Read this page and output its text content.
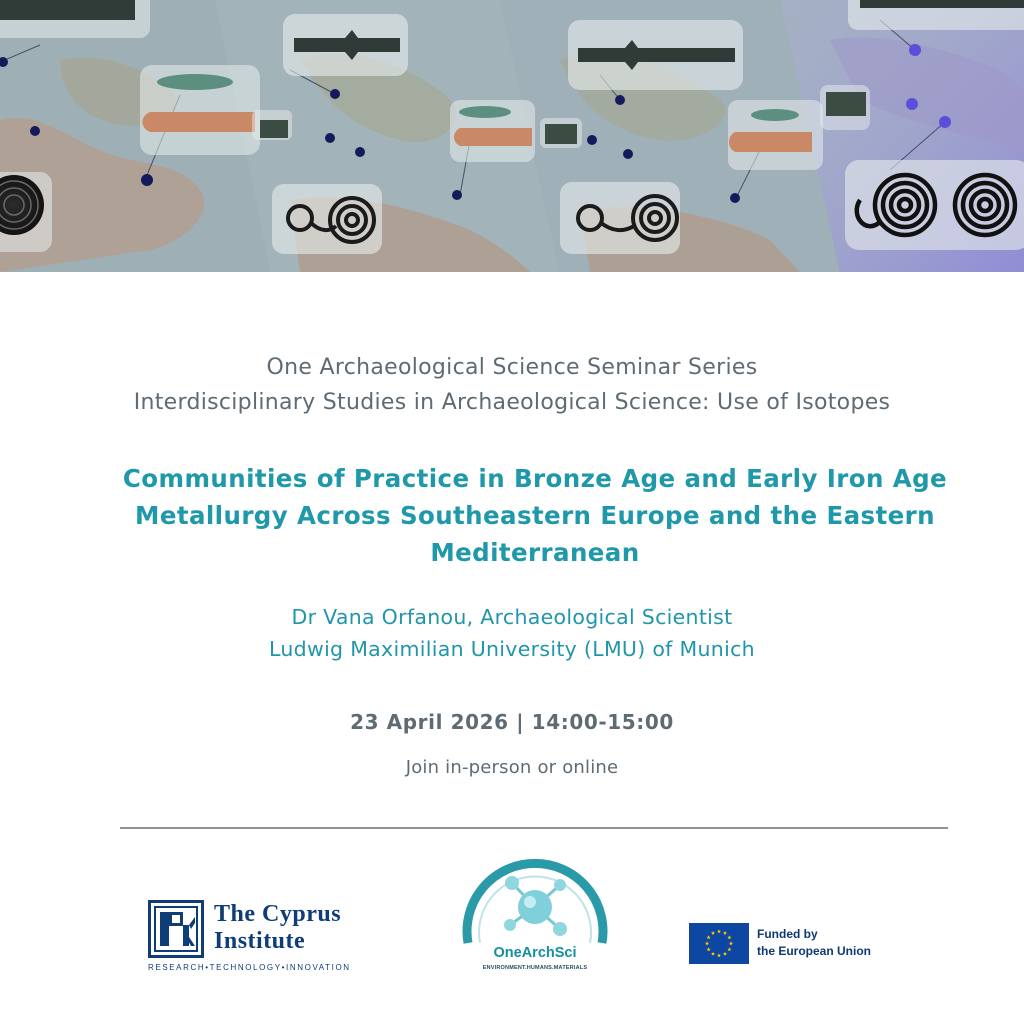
One Archaeological Science Seminar Series
Interdisciplinary Studies in Archaeological Science: Use of Isotopes
Communities of Practice in Bronze Age and Early Iron Age Metallurgy Across Southeastern Europe and the Eastern Mediterranean
Dr Vana Orfanou, Archaeological Scientist
Ludwig Maximilian University (LMU) of Munich
23 April 2026 | 14:00-15:00
Join in-person or online
The Cyprus
Institute
RESEARCH•TECHNOLOGY•INNOVATION
OneArchSci
ENVIRONMENT.HUMANS.MATERIALS
Funded by
the European Union
